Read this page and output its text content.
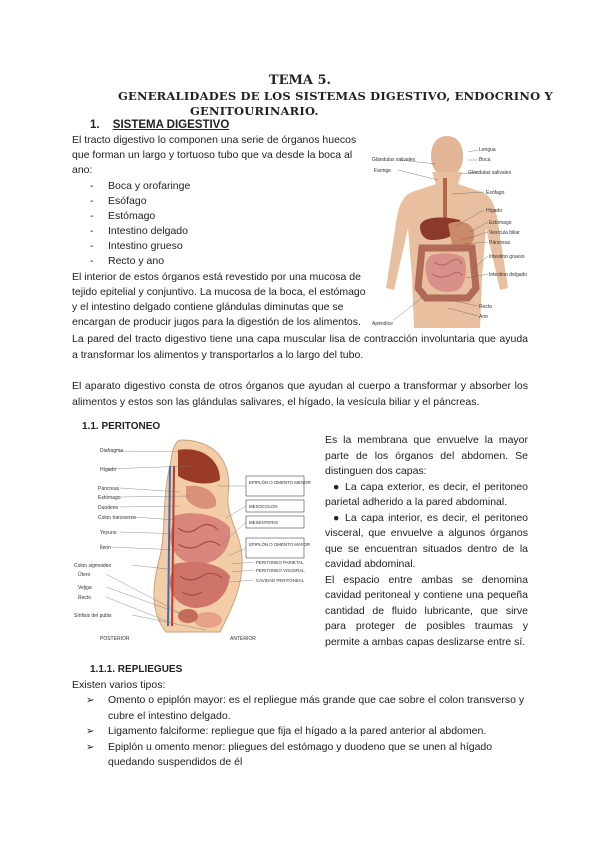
TEMA 5.
GENERALIDADES DE LOS SISTEMAS DIGESTIVO, ENDOCRINO Y
GENITOURINARIO.
1. SISTEMA DIGESTIVO
El tracto digestivo lo componen una serie de órganos huecos
que forman un largo y tortuoso tubo que va desde la boca al
ano:
- Boca y orofaringe
- Esófago
- Estómago
- Intestino delgado
- Intestino grueso
- Recto y ano
El interior de estos órganos está revestido por una mucosa de
tejido epitelial y conjuntivo. La mucosa de la boca, el estómago
y el intestino delgado contiene glándulas diminutas que se
encargan de producir jugos para la digestión de los alimentos.
La pared del tracto digestivo tiene una capa muscular lisa de contracción involuntaria que ayuda a transformar los alimentos y transportarlos a lo largo del tubo.
El aparato digestivo consta de otros órganos que ayudan al cuerpo a transformar y absorber los alimentos y estos son las glándulas salivares, el hígado, la vesícula biliar y el páncreas.
Glándulas salivales
Faringe
Apéndice
Lengua
Boca
Glándulas salivales
Esófago
Hígado
Estómago
Vesícula biliar
Páncreas
Intestino grueso
Intestino delgado
Recto
Ano
1.1. PERITONEO
Diafragma
Hígado
Páncreas
Estómago
Duodeno
Colon transverso
Yeyuno
Íleon
Colon sigmoideo
Útero
Vejiga
Recto
Sínfisis del pubis
EPIPLÓN O OMENTO MENOR
MESOCOLON
MESENTERIO
EPIPLÓN O OMENTO MAYOR
PERITONEO PARIETAL
PERITONEO VISCERAL
CAVIDAD PERITONEAL
POSTERIOR	ANTERIOR
Es la membrana que envuelve la mayor parte de los órganos del abdomen. Se distinguen dos capas:
● La capa exterior, es decir, el peritoneo parietal adherido a la pared abdominal.
● La capa interior, es decir, el peritoneo visceral, que envuelve a algunos órganos que se encuentran situados dentro de la cavidad abdominal.
El espacio entre ambas se denomina cavidad peritoneal y contiene una pequeña cantidad de fluido lubricante, que sirve para proteger de posibles traumas y permite a ambas capas deslizarse entre sí.
1.1.1. REPLIEGUES
Existen varios tipos:
➢ Omento o epiplón mayor: es el repliegue más grande que cae sobre el colon transverso y cubre el intestino delgado.
➢ Ligamento falciforme: repliegue que fija el hígado a la pared anterior al abdomen.
➢ Epiplón u omento menor: pliegues del estómago y duodeno que se unen al hígado quedando suspendidos de él
